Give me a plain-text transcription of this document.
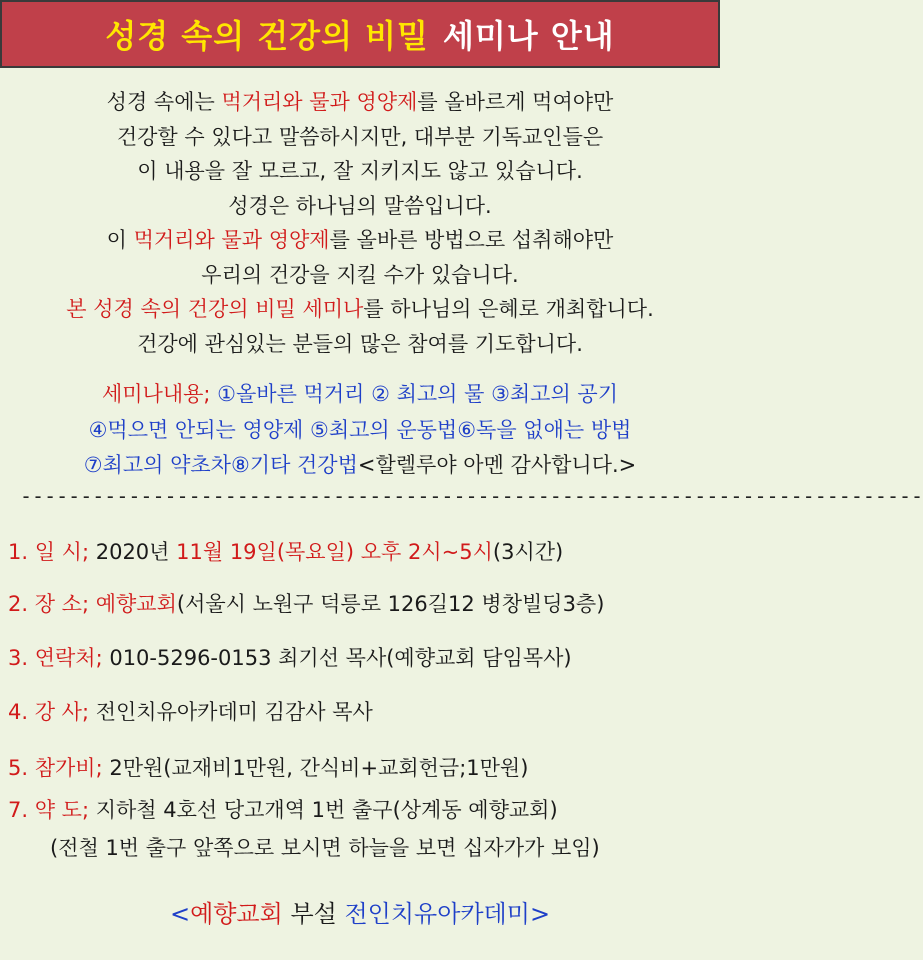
성경 속의 건강의 비밀 세미나 안내
성경 속에는 먹거리와 물과 영양제를 올바르게 먹여야만
건강할 수 있다고 말씀하시지만, 대부분 기독교인들은
이 내용을 잘 모르고, 잘 지키지도 않고 있습니다.
성경은 하나님의 말씀입니다.
이 먹거리와 물과 영양제를 올바른 방법으로 섭취해야만
우리의 건강을 지킬 수가 있습니다.
본 성경 속의 건강의 비밀 세미나를 하나님의 은혜로 개최합니다.
건강에 관심있는 분들의 많은 참여를 기도합니다.
세미나내용; ①올바른 먹거리 ② 최고의 물 ③최고의 공기
④먹으면 안되는 영양제 ⑤최고의 운동법⑥독을 없애는 방법
⑦최고의 약초차⑧기타 건강법<할렐루야 아멘 감사합니다.>
---------------------------------------------------------------------------
1. 일 시; 2020년 11월 19일(목요일) 오후 2시~5시(3시간)
2. 장 소; 예향교회(서울시 노원구 덕릉로 126길12 병창빌딩3층)
3. 연락처; 010-5296-0153 최기선 목사(예향교회 담임목사)
4. 강 사; 전인치유아카데미 김감사 목사
5. 참가비; 2만원(교재비1만원, 간식비+교회헌금;1만원)
7. 약 도; 지하철 4호선 당고개역 1번 출구(상계동 예향교회)
(전철 1번 출구 앞쪽으로 보시면 하늘을 보면 십자가가 보임)
<예향교회 부설 전인치유아카데미>
